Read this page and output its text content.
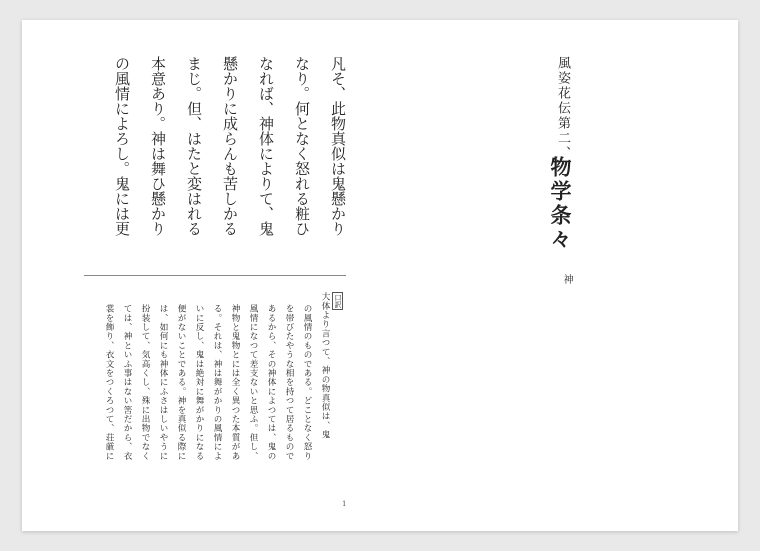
風姿花伝第二、
物学条々
神
凡そ、此物真似は鬼懸かり
なり。何となく怒れる粧ひ
なれば、神体によりて、鬼
懸かりに成らんも苦しかる
まじ。但、はたと変はれる
本意あり。神は舞ひ懸かり
の風情によろし。鬼には更
口訳
大体より言つて、神の物真似は、鬼
の風情のものである。どことなく怒り
を帯びたやうな相を持つて居るもので
あるから、その神体によつては、鬼の
風情になつて差支ないと思ふ。但し、
神物と鬼物とには全く異つた本質があ
る。それは、神は舞がかりの風情によ
いに反し、鬼は絶対に舞がかりになる
便がないことである。神を真似る際に
は、如何にも神体にふさはしいやうに
扮装して、気高くし、殊に出物でなく
ては、神といふ事はない筈だから、衣
裳を飾り、衣文をつくろつて、荘厳に
1
